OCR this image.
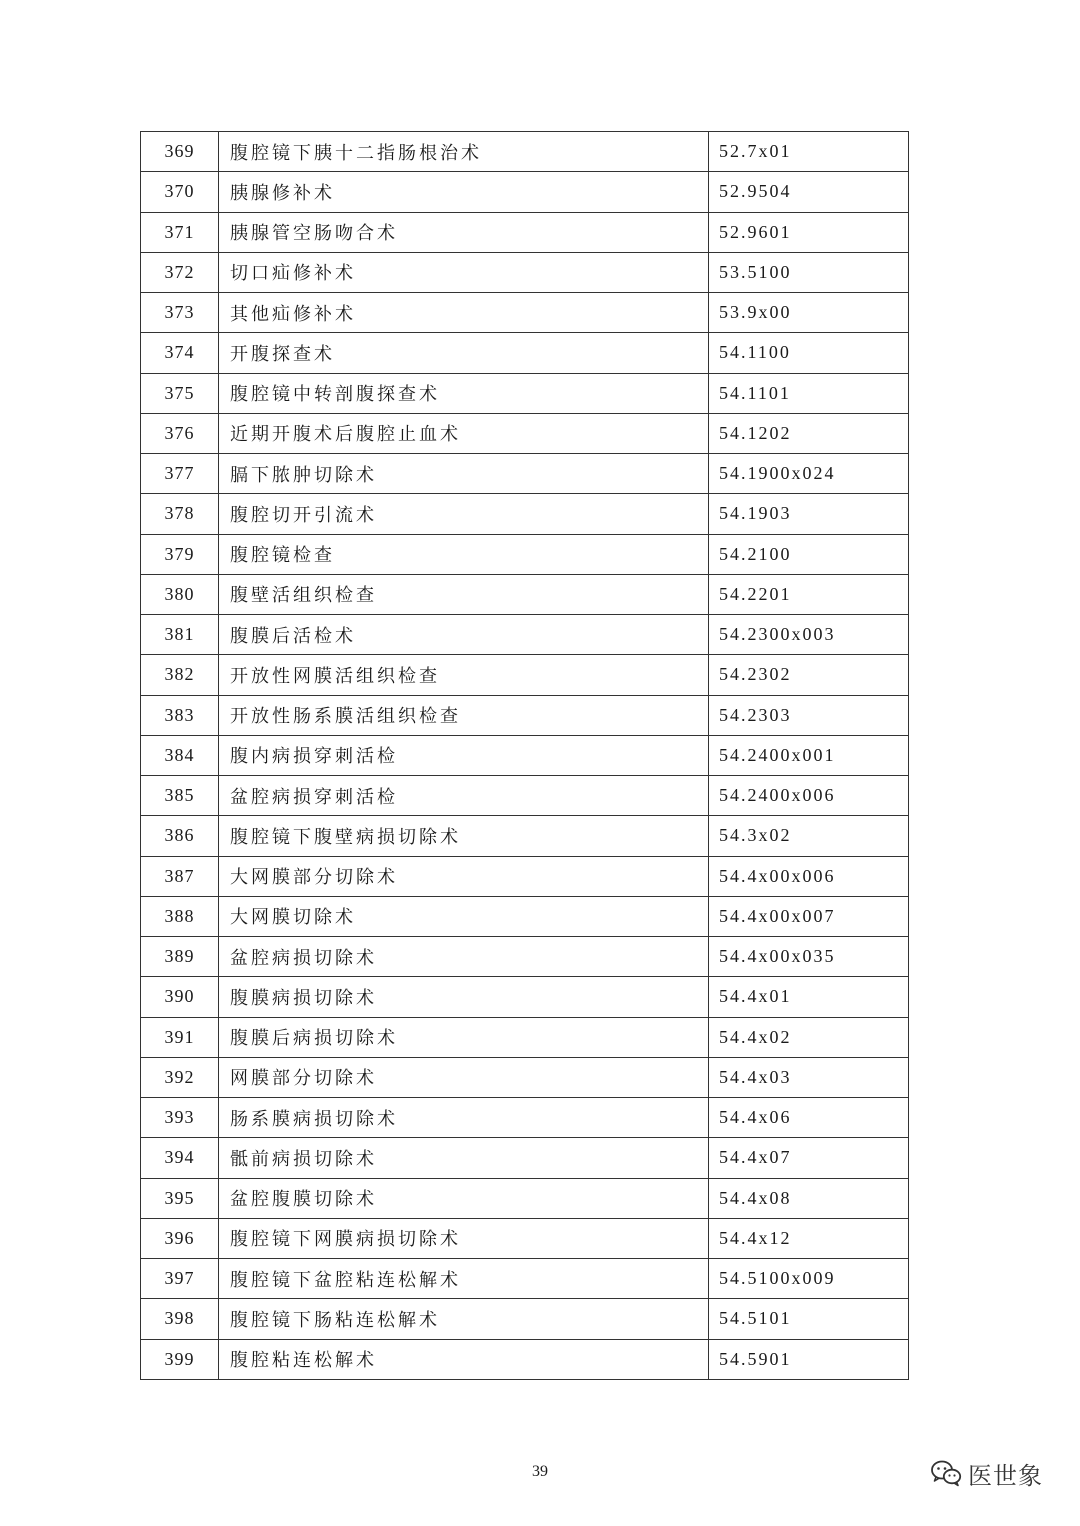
369	腹腔镜下胰十二指肠根治术	52.7x01
370	胰腺修补术	52.9504
371	胰腺管空肠吻合术	52.9601
372	切口疝修补术	53.5100
373	其他疝修补术	53.9x00
374	开腹探查术	54.1100
375	腹腔镜中转剖腹探查术	54.1101
376	近期开腹术后腹腔止血术	54.1202
377	膈下脓肿切除术	54.1900x024
378	腹腔切开引流术	54.1903
379	腹腔镜检查	54.2100
380	腹壁活组织检查	54.2201
381	腹膜后活检术	54.2300x003
382	开放性网膜活组织检查	54.2302
383	开放性肠系膜活组织检查	54.2303
384	腹内病损穿刺活检	54.2400x001
385	盆腔病损穿刺活检	54.2400x006
386	腹腔镜下腹壁病损切除术	54.3x02
387	大网膜部分切除术	54.4x00x006
388	大网膜切除术	54.4x00x007
389	盆腔病损切除术	54.4x00x035
390	腹膜病损切除术	54.4x01
391	腹膜后病损切除术	54.4x02
392	网膜部分切除术	54.4x03
393	肠系膜病损切除术	54.4x06
394	骶前病损切除术	54.4x07
395	盆腔腹膜切除术	54.4x08
396	腹腔镜下网膜病损切除术	54.4x12
397	腹腔镜下盆腔粘连松解术	54.5100x009
398	腹腔镜下肠粘连松解术	54.5101
399	腹腔粘连松解术	54.5901
39	医世象
